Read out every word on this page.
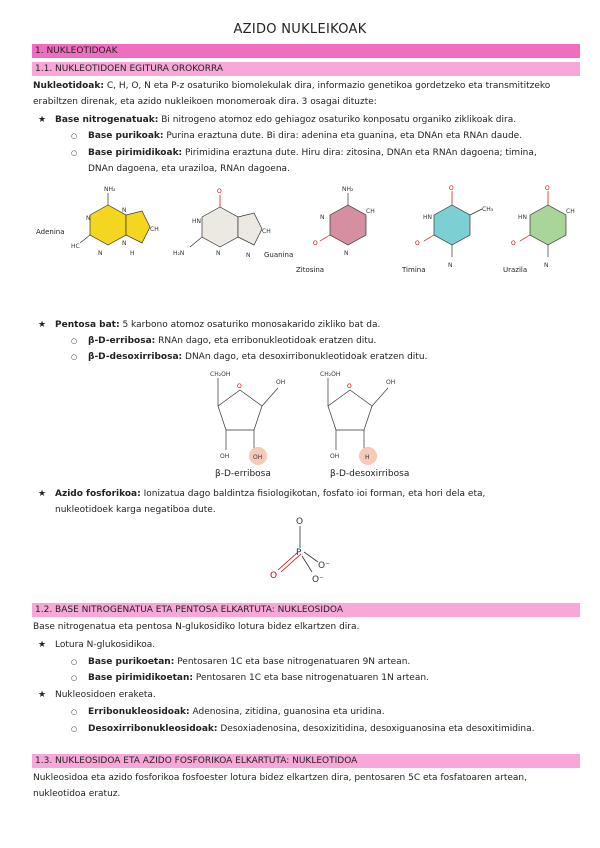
AZIDO NUKLEIKOAK
1. NUKLEOTIDOAK
1.1. NUKLEOTIDOEN EGITURA OROKORRA
Nukleotidoak: C, H, O, N eta P-z osaturiko biomolekulak dira, informazio genetikoa gordetzeko eta transmititzeko
erabiltzen direnak, eta azido nukleikoen monomeroak dira. 3 osagai dituzte:
★ Base nitrogenatuak: Bi nitrogeno atomoz edo gehiagoz osaturiko konposatu organiko ziklikoak dira.
○ Base purikoak: Purina eraztuna dute. Bi dira: adenina eta guanina, eta DNAn eta RNAn daude.
○ Base pirimidikoak: Pirimidina eraztuna dute. Hiru dira: zitosina, DNAn eta RNAn dagoena; timina,
DNAn dagoena, eta urazilоa, RNAn dagoena.
NH₂
N
N
HC
N
N
CH
H
O
HN
H₂N	N	N
CH
NH₂
N
O
CH
N
O
HN
CH₃
O
N
O
HN
CH
O
N
Adenina
Guanina
Zitosina	Timina	Urazila
★ Pentosa bat: 5 karbono atomoz osaturiko monosakarido zikliko bat da.
○ β-D-erribosa: RNAn dago, eta erribonukleotidoak eratzen ditu.
○ β-D-desoxirribosa: DNAn dago, eta desoxirribonukleotidoak eratzen ditu.
CH₂OH
O
OH
OH	OH
CH₂OH
O
OH
OH	H
β-D-erribosa	β-D-desoxirribosa
★ Azido fosforikoa: Ionizatua dago baldintza fisiologikotan, fosfato ioi forman, eta hori dela eta,
nukleotidoek karga negatiboa dute.
O
P
O
O⁻
O⁻
1.2. BASE NITROGENATUA ETA PENTOSA ELKARTUTA: NUKLEOSIDOA
Base nitrogenatua eta pentosa N-glukosidiko lotura bidez elkartzen dira.
★ Lotura N-glukosidikoa.
○ Base purikoetan: Pentosaren 1C eta base nitrogenatuaren 9N artean.
○ Base pirimidikoetan: Pentosaren 1C eta base nitrogenatuaren 1N artean.
★ Nukleosidoen eraketa.
○ Erribonukleosidoak: Adenosina, zitidina, guanosina eta uridina.
○ Desoxirribonukleosidoak: Desoxiadenosina, desoxizitidina, desoxiguanosina eta desoxitimidina.
1.3. NUKLEOSIDOA ETA AZIDO FOSFORIKOA ELKARTUTA: NUKLEOTIDOA
Nukleosidoa eta azido fosforikoa fosfoester lotura bidez elkartzen dira, pentosaren 5C eta fosfatoaren artean,
nukleotidoa eratuz.
